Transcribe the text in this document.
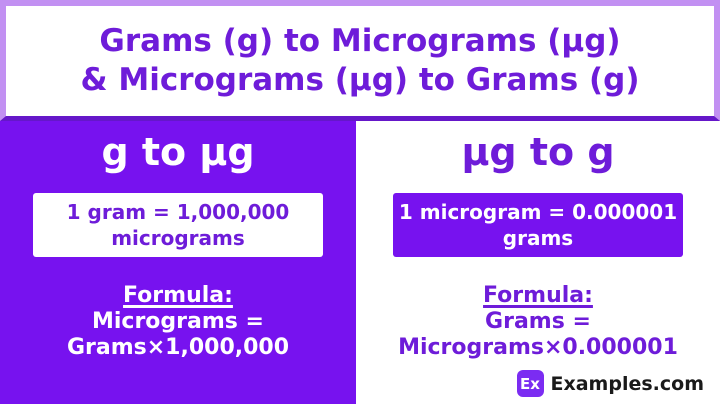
Grams (g) to Micrograms (µg)
& Micrograms (µg) to Grams (g)
g to µg
1 gram = 1,000,000
micrograms
Formula:
Micrograms =
Grams×1,000,000
µg to g
1 microgram = 0.000001
grams
Formula:
Grams =
Micrograms×0.000001
Ex Examples.com
